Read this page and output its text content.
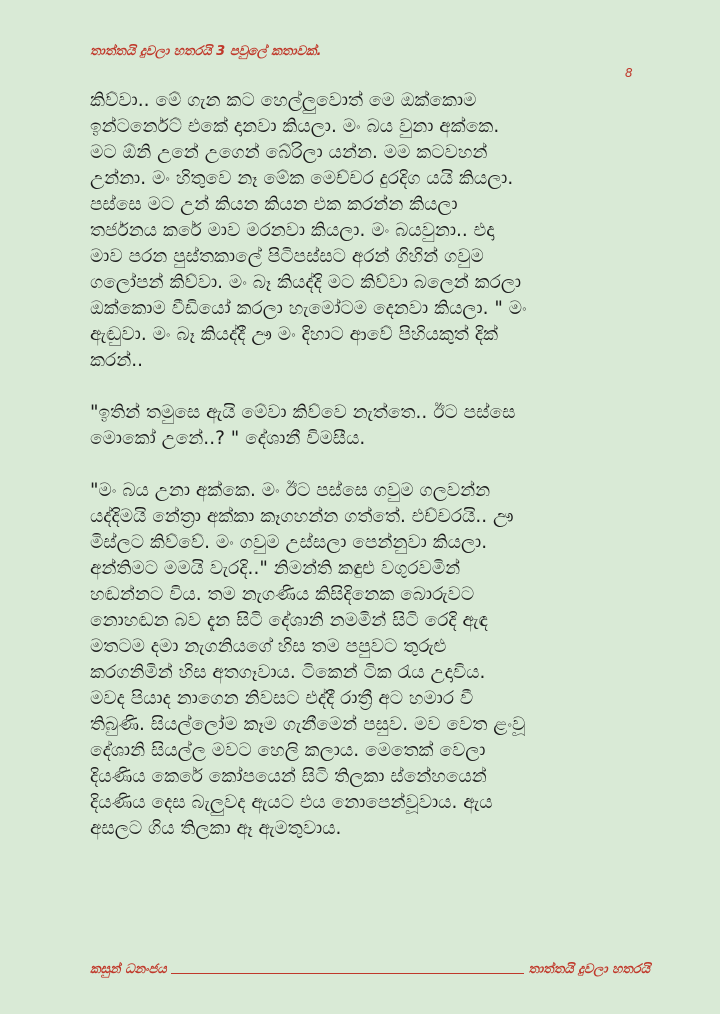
තාත්තයි දුවලා හතරයි 3 පවුලේ කතාවක්.
8
කිව්වා.. මේ ගැන කට හෙල්ලුවොත් මෙ ඔක්කොම
ඉන්ටර්නෙට් එකේ දානවා කියලා. මං බය වුනා අක්කෙ.
මට ඕනි උනේ උගෙන් බේරිලා යන්න. මම කටවහන්
උන්නා. මං හිතුවෙ නෑ මේක මෙච්චර දුරදිග යයි කියලා.
පස්සෙ මට උන් කියන කියන එක කරන්න කියලා
තර්ජනය කරේ මාව මරනවා කියලා. මං බයවුනා.. එදා
මාව පරන පුස්තකාලේ පිටිපස්සට අරන් ගිහින් ගවුම
ගලෝපන් කිව්වා. මං බෑ කියද්දි මට කිව්වා බලෙන් කරලා
ඔක්කොම වීඩියෝ කරලා හැමෝටම දෙනවා කියලා. " මං
ඇඬුවා. මං බෑ කියද්දී ඌ මං දිහාට ආවේ පිහියකුත් දික්
කරන්..
"ඉතින් තමුසෙ ඇයි මේවා කිව්වෙ නැත්තෙ.. ඊට පස්සෙ
මොකෝ උනේ..? " දේශානී විමසීය.
"මං බය උනා අක්කෙ. මං ඊට පස්සෙ ගවුම ගලවන්න
යද්දිමයි නේත්‍රා අක්කා කෑගහන්න ගත්තේ. එච්චරයි.. ඌ
මිස්ලට කිව්වේ. මං ගවුම උස්සලා පෙන්නුවා කියලා.
අන්තිමට මමයි වැරදි.." නිමන්ති කඳුළු වගුරවමින්
හඬන්නට විය. තම නැගණිය කිසිදිනෙක බොරුවට
නොහඬන බව දැන සිටි දේශානි නමමින් සිටි රෙදි ඇඳ
මතටම දමා නැගනියගේ හිස තම පපුවට තුරුළු
කරගනිමින් හිස අතගෑවාය. ටිකෙන් ටික රැය උදාවිය.
මවද පියාද නාගෙන නිවසට එද්දී රාත්‍රී අට හමාර වී
තිබුණි. සියල්ලෝම කෑම ගැනීමෙන් පසුව. මව වෙත ළංවූ
දේශානි සියල්ල මවට හෙලි කලාය. මෙතෙක් වෙලා
දියණිය කෙරේ කෝපයෙන් සිටි තිලකා ස්නේහයෙන්
දියණිය දෙස බැලුවද ඇයට එය නොපෙන්වූවාය. ඇය
අසලට ගිය තිලකා ඈ ඇමතුවාය.
කසුන් ධනංජය	තාත්තයි දුවලා හතරයි
